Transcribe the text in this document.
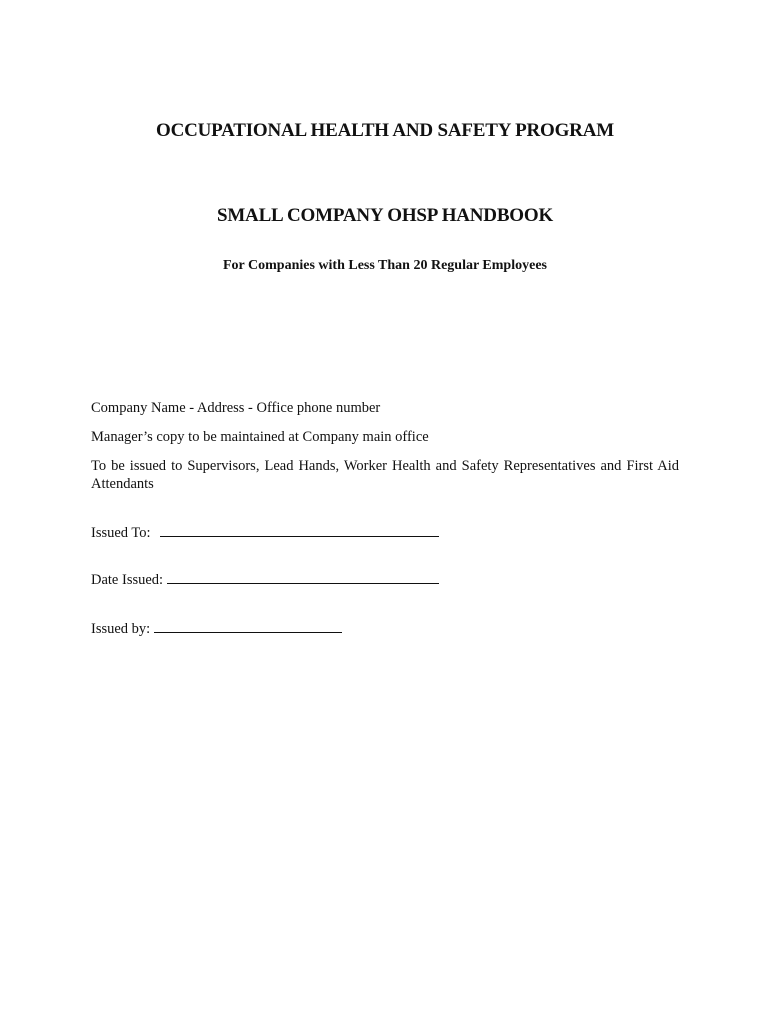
OCCUPATIONAL HEALTH AND SAFETY PROGRAM
SMALL COMPANY OHSP HANDBOOK
For Companies with Less Than 20 Regular Employees

Company Name - Address - Office phone number

Manager’s copy to be maintained at Company main office

To be issued to Supervisors, Lead Hands, Worker Health and Safety Representatives and First Aid Attendants

Issued To:
Date Issued:
Issued by:
